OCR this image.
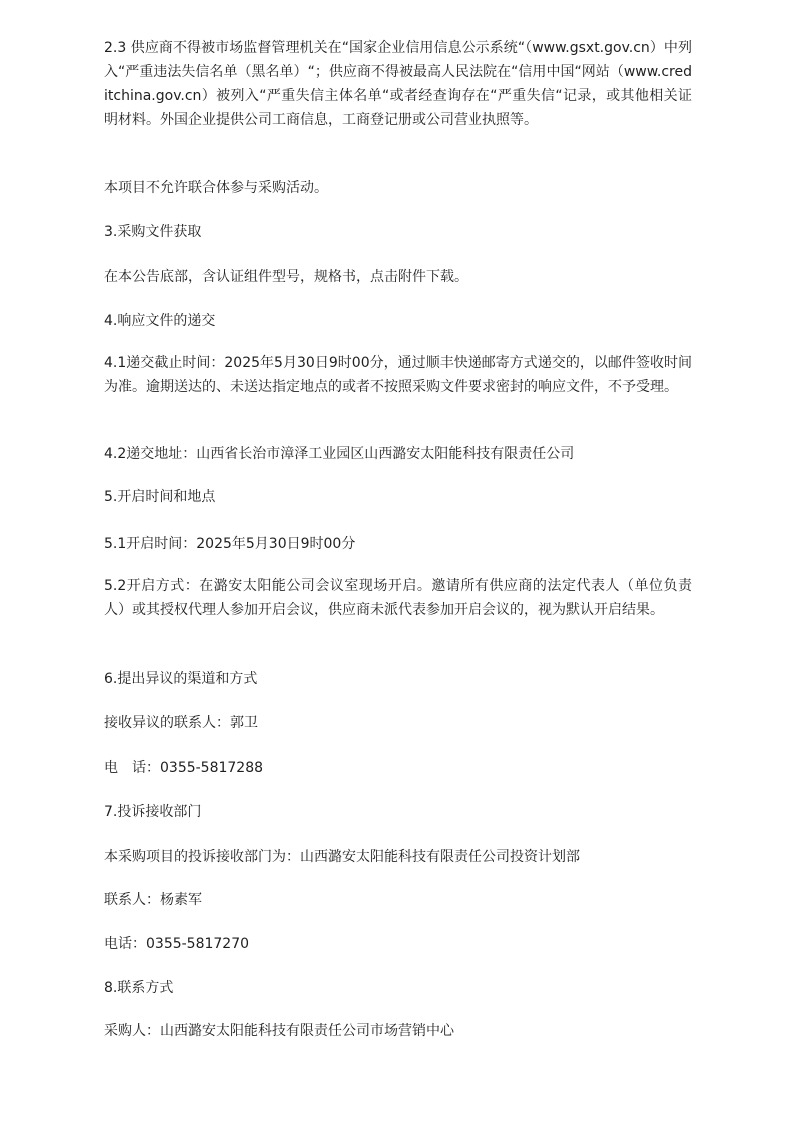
2.3 供应商不得被市场监督管理机关在“国家企业信用信息公示系统“（www.gsxt.gov.cn）中列入“严重违法失信名单（黑名单）“；供应商不得被最高人民法院在“信用中国“网站（www.creditchina.gov.cn）被列入“严重失信主体名单“或者经查询存在“严重失信“记录，或其他相关证明材料。外国企业提供公司工商信息，工商登记册或公司营业执照等。

本项目不允许联合体参与采购活动。

3.采购文件获取

在本公告底部，含认证组件型号，规格书，点击附件下载。

4.响应文件的递交

4.1递交截止时间：2025年5月30日9时00分，通过顺丰快递邮寄方式递交的，以邮件签收时间为准。逾期送达的、未送达指定地点的或者不按照采购文件要求密封的响应文件，不予受理。

4.2递交地址：山西省长治市漳泽工业园区山西潞安太阳能科技有限责任公司

5.开启时间和地点

5.1开启时间：2025年5月30日9时00分

5.2开启方式：在潞安太阳能公司会议室现场开启。邀请所有供应商的法定代表人（单位负责人）或其授权代理人参加开启会议，供应商未派代表参加开启会议的，视为默认开启结果。

6.提出异议的渠道和方式

接收异议的联系人：郭卫

电　话：0355-5817288

7.投诉接收部门

本采购项目的投诉接收部门为：山西潞安太阳能科技有限责任公司投资计划部

联系人：杨素军

电话：0355-5817270

8.联系方式

采购人：山西潞安太阳能科技有限责任公司市场营销中心
